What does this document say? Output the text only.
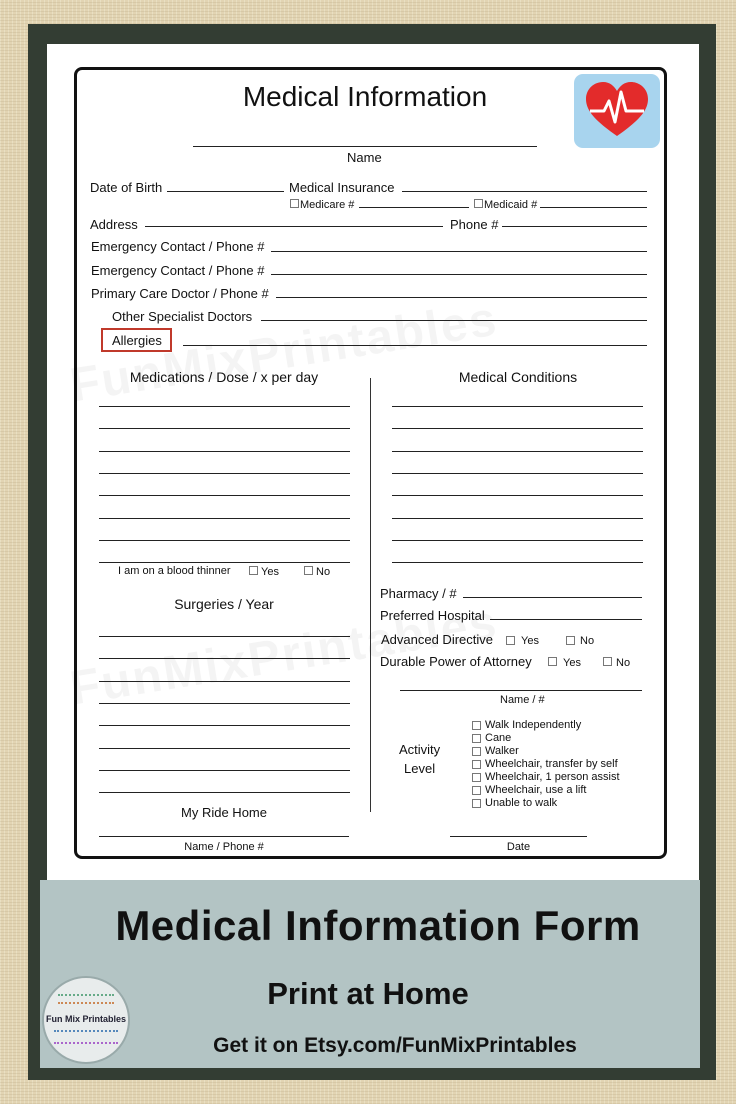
Medical Information
Name
Date of Birth	Medical Insurance
Medicare #	Medicaid #
Address	Phone #
Emergency Contact / Phone #
Emergency Contact / Phone #
Primary Care Doctor / Phone #
Other Specialist Doctors
Allergies
Medications / Dose / x per day
I am on a blood thinner	Yes	No
Medical Conditions
Surgeries / Year
Pharmacy / #
Preferred Hospital
Advanced Directive	Yes	No
Durable Power of Attorney	Yes	No
Name / #
Activity
Level
Walk Independently
Cane
Walker
Wheelchair, transfer by self
Wheelchair, 1 person assist
Wheelchair, use a lift
Unable to walk
My Ride Home
Name / Phone #	Date
Medical Information Form
Print at Home
Get it on Etsy.com/FunMixPrintables
Fun Mix Printables
